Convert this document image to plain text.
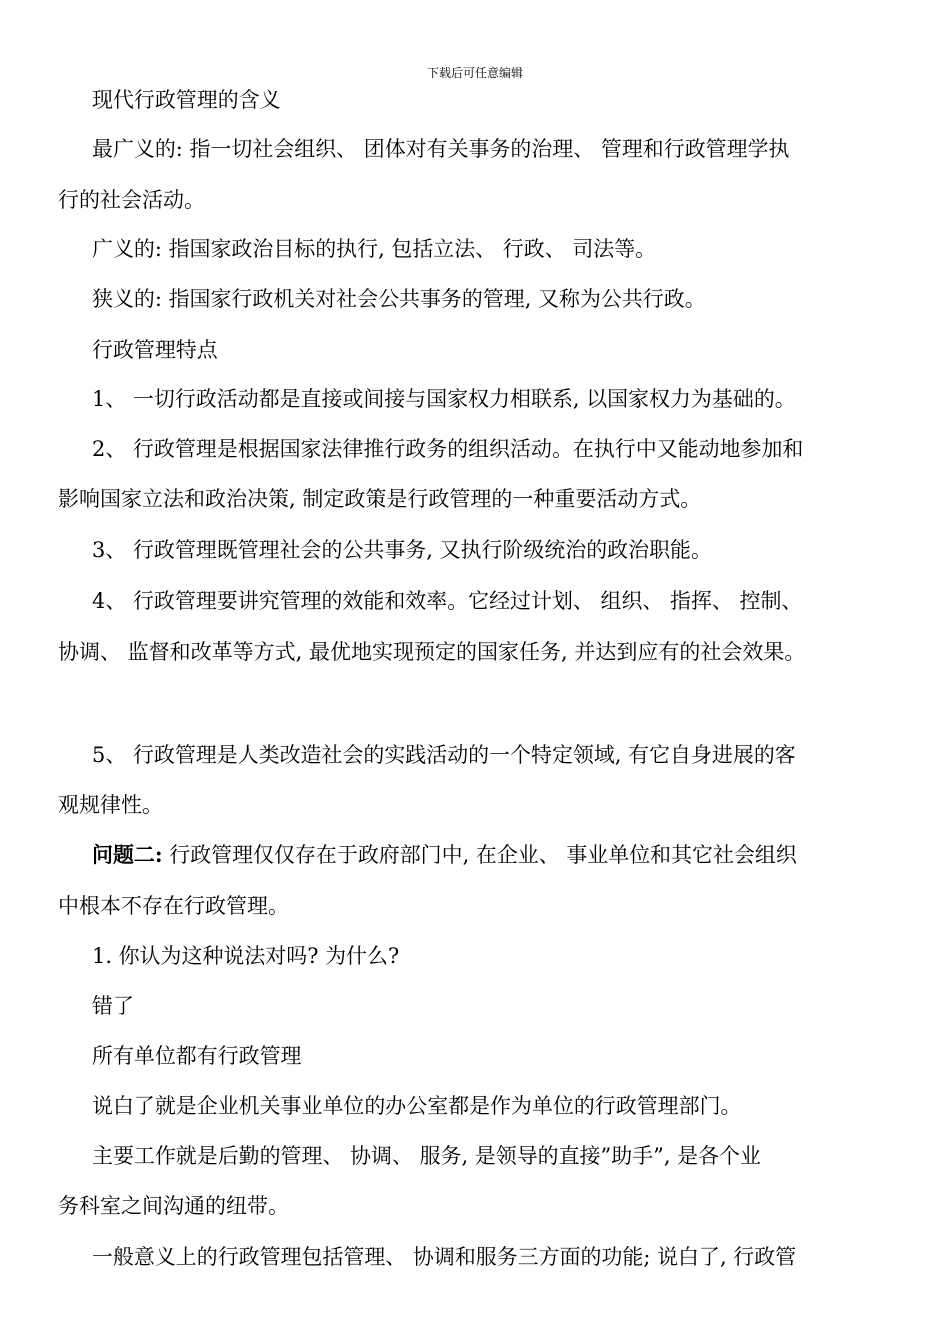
下载后可任意编辑
现代行政管理的含义
最广义的: 指一切社会组织、 团体对有关事务的治理、 管理和行政管理学执
行的社会活动。
广义的: 指国家政治目标的执行, 包括立法、 行政、 司法等。
狭义的: 指国家行政机关对社会公共事务的管理, 又称为公共行政。
行政管理特点
1、 一切行政活动都是直接或间接与国家权力相联系, 以国家权力为基础的。
2、 行政管理是根据国家法律推行政务的组织活动。在执行中又能动地参加和
影响国家立法和政治决策, 制定政策是行政管理的一种重要活动方式。
3、 行政管理既管理社会的公共事务, 又执行阶级统治的政治职能。
4、 行政管理要讲究管理的效能和效率。它经过计划、 组织、 指挥、 控制、
协调、 监督和改革等方式, 最优地实现预定的国家任务, 并达到应有的社会效果。
5、 行政管理是人类改造社会的实践活动的一个特定领域, 有它自身进展的客
观规律性。
问题二: 行政管理仅仅存在于政府部门中, 在企业、 事业单位和其它社会组织
中根本不存在行政管理。
1. 你认为这种说法对吗? 为什么?
错了
所有单位都有行政管理
说白了就是企业机关事业单位的办公室都是作为单位的行政管理部门。
主要工作就是后勤的管理、 协调、 服务, 是领导的直接”助手”, 是各个业
务科室之间沟通的纽带。
一般意义上的行政管理包括管理、 协调和服务三方面的功能; 说白了, 行政管
